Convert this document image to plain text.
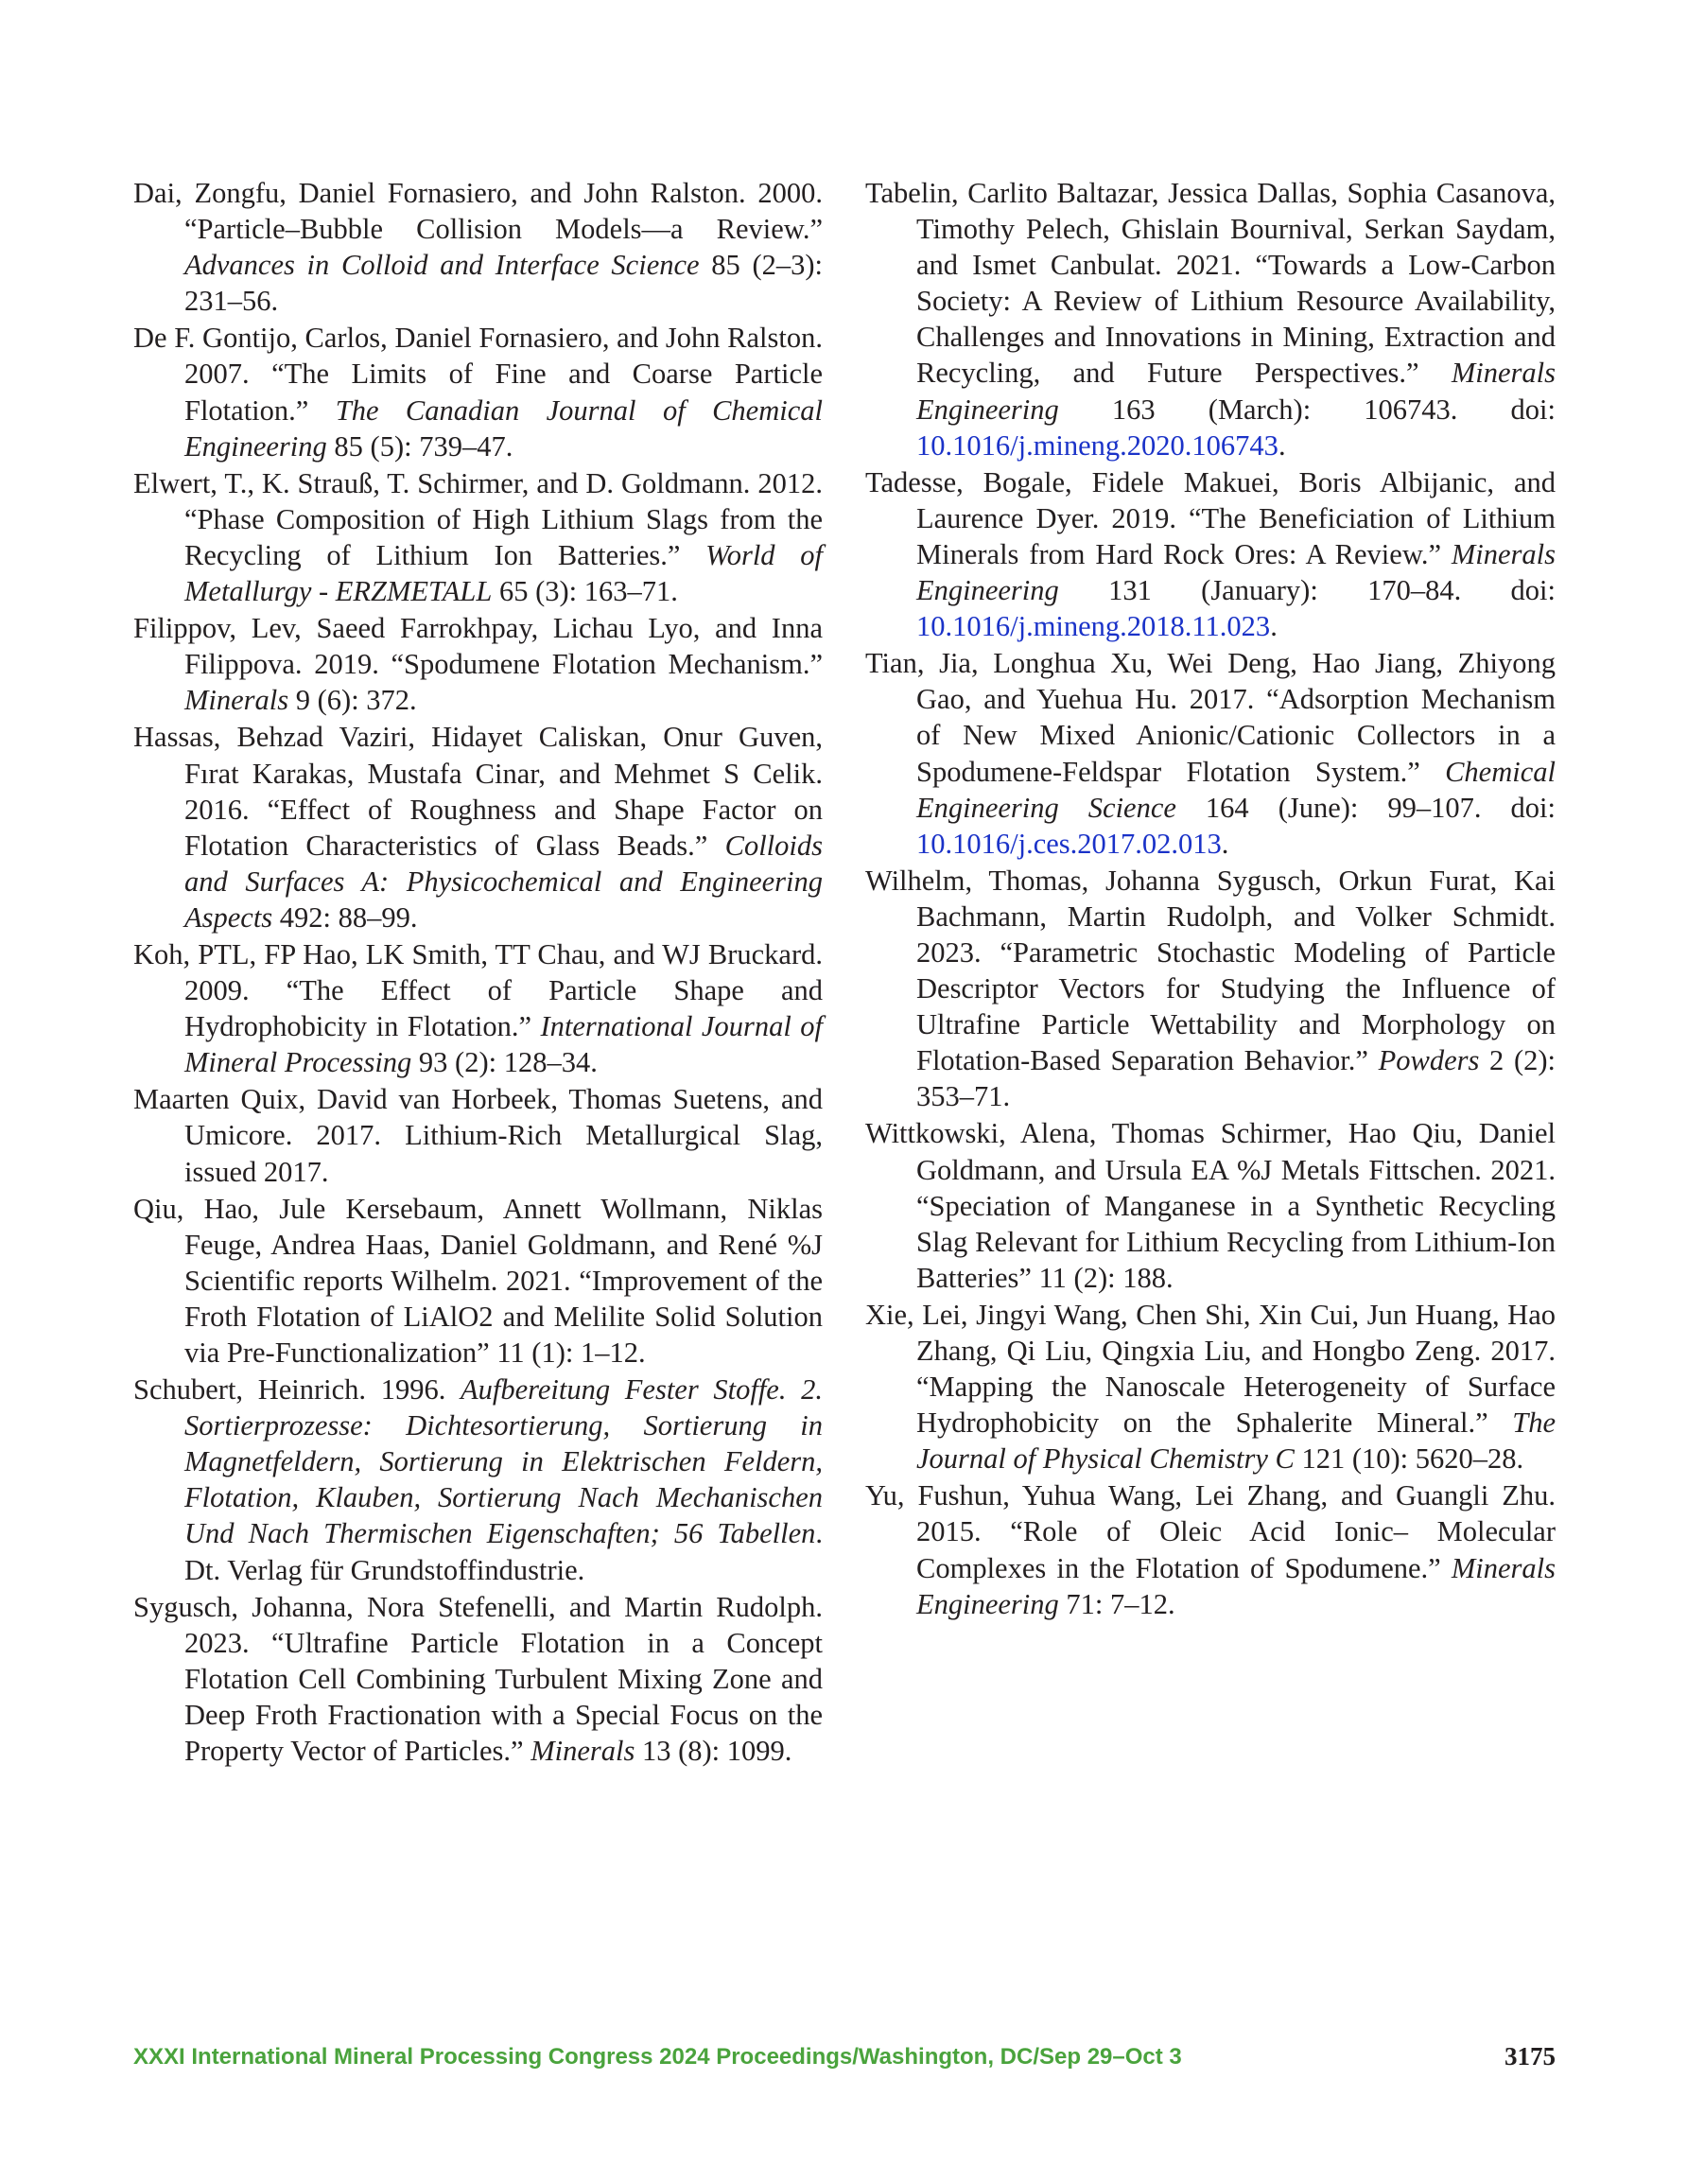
Dai, Zongfu, Daniel Fornasiero, and John Ralston. 2000. “Particle–Bubble Collision Models—a Review.” Advances in Colloid and Interface Science 85 (2–3): 231–56.

De F. Gontijo, Carlos, Daniel Fornasiero, and John Ralston. 2007. “The Limits of Fine and Coarse Particle Flotation.” The Canadian Journal of Chemical Engineering 85 (5): 739–47.

Elwert, T., K. Strauß, T. Schirmer, and D. Goldmann. 2012. “Phase Composition of High Lithium Slags from the Recycling of Lithium Ion Batteries.” World of Metallurgy - ERZMETALL 65 (3): 163–71.

Filippov, Lev, Saeed Farrokhpay, Lichau Lyo, and Inna Filippova. 2019. “Spodumene Flotation Mechanism.” Minerals 9 (6): 372.

Hassas, Behzad Vaziri, Hidayet Caliskan, Onur Guven, Fırat Karakas, Mustafa Cinar, and Mehmet S Celik. 2016. “Effect of Roughness and Shape Factor on Flotation Characteristics of Glass Beads.” Colloids and Surfaces A: Physicochemical and Engineering Aspects 492: 88–99.

Koh, PTL, FP Hao, LK Smith, TT Chau, and WJ Bruckard. 2009. “The Effect of Particle Shape and Hydrophobicity in Flotation.” International Journal of Mineral Processing 93 (2): 128–34.

Maarten Quix, David van Horbeek, Thomas Suetens, and Umicore. 2017. Lithium-Rich Metallurgical Slag, issued 2017.

Qiu, Hao, Jule Kersebaum, Annett Wollmann, Niklas Feuge, Andrea Haas, Daniel Goldmann, and René %J Scientific reports Wilhelm. 2021. “Improvement of the Froth Flotation of LiAlO2 and Melilite Solid Solution via Pre-Functionalization” 11 (1): 1–12.

Schubert, Heinrich. 1996. Aufbereitung Fester Stoffe. 2. Sortierprozesse: Dichtesortierung, Sortierung in Magnetfeldern, Sortierung in Elektrischen Feldern, Flotation, Klauben, Sortierung Nach Mechanischen Und Nach Thermischen Eigenschaften; 56 Tabellen. Dt. Verlag für Grundstoffindustrie.

Sygusch, Johanna, Nora Stefenelli, and Martin Rudolph. 2023. “Ultrafine Particle Flotation in a Concept Flotation Cell Combining Turbulent Mixing Zone and Deep Froth Fractionation with a Special Focus on the Property Vector of Particles.” Minerals 13 (8): 1099.

Tabelin, Carlito Baltazar, Jessica Dallas, Sophia Casanova, Timothy Pelech, Ghislain Bournival, Serkan Saydam, and Ismet Canbulat. 2021. “Towards a Low-Carbon Society: A Review of Lithium Resource Availability, Challenges and Innovations in Mining, Extraction and Recycling, and Future Perspectives.” Minerals Engineering 163 (March): 106743. doi: 10.1016/j.mineng.2020.106743.

Tadesse, Bogale, Fidele Makuei, Boris Albijanic, and Laurence Dyer. 2019. “The Beneficiation of Lithium Minerals from Hard Rock Ores: A Review.” Minerals Engineering 131 (January): 170–84. doi: 10.1016/j.mineng.2018.11.023.

Tian, Jia, Longhua Xu, Wei Deng, Hao Jiang, Zhiyong Gao, and Yuehua Hu. 2017. “Adsorption Mechanism of New Mixed Anionic/Cationic Collectors in a Spodumene-Feldspar Flotation System.” Chemical Engineering Science 164 (June): 99–107. doi: 10.1016/j.ces.2017.02.013.

Wilhelm, Thomas, Johanna Sygusch, Orkun Furat, Kai Bachmann, Martin Rudolph, and Volker Schmidt. 2023. “Parametric Stochastic Modeling of Particle Descriptor Vectors for Studying the Influence of Ultrafine Particle Wettability and Morphology on Flotation-Based Separation Behavior.” Powders 2 (2): 353–71.

Wittkowski, Alena, Thomas Schirmer, Hao Qiu, Daniel Goldmann, and Ursula EA %J Metals Fittschen. 2021. “Speciation of Manganese in a Synthetic Recycling Slag Relevant for Lithium Recycling from Lithium-Ion Batteries” 11 (2): 188.

Xie, Lei, Jingyi Wang, Chen Shi, Xin Cui, Jun Huang, Hao Zhang, Qi Liu, Qingxia Liu, and Hongbo Zeng. 2017. “Mapping the Nanoscale Heterogeneity of Surface Hydrophobicity on the Sphalerite Mineral.” The Journal of Physical Chemistry C 121 (10): 5620–28.

Yu, Fushun, Yuhua Wang, Lei Zhang, and Guangli Zhu. 2015. “Role of Oleic Acid Ionic– Molecular Complexes in the Flotation of Spodumene.” Minerals Engineering 71: 7–12.

XXXI International Mineral Processing Congress 2024 Proceedings/Washington, DC/Sep 29–Oct 3	3175
